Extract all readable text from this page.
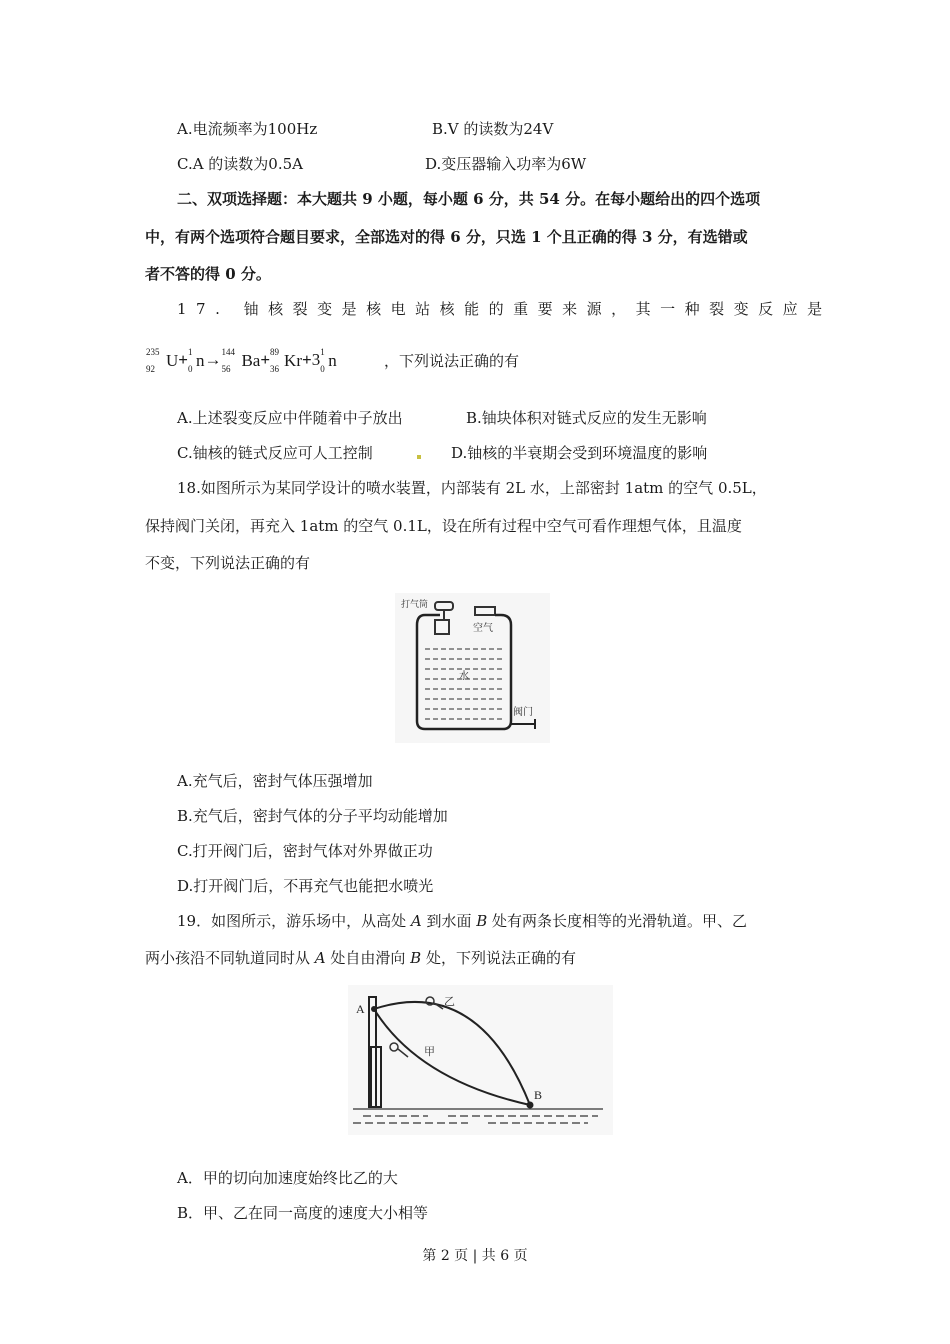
A.电流频率为100Hz	B.V 的读数为24V
C.A 的读数为0.5A	D.变压器输入功率为6W
二、双项选择题：本大题共 9 小题，每小题 6 分，共 54 分。在每小题给出的四个选项
中，有两个选项符合题目要求，全部选对的得 6 分，只选 1 个且正确的得 3 分，有选错或
者不答的得 0 分。
17. 铀核裂变是核电站核能的重要来源，其一种裂变反应是
235
92 U+ 1
0 n→ 144
56 Ba+ 89
36 Kr+3 1
0 n	，下列说法正确的有
A.上述裂变反应中伴随着中子放出	B.铀块体积对链式反应的发生无影响
C.铀核的链式反应可人工控制	D.铀核的半衰期会受到环境温度的影响
18.如图所示为某同学设计的喷水装置，内部装有 2L 水，上部密封 1atm 的空气 0.5L，
保持阀门关闭，再充入 1atm 的空气 0.1L，设在所有过程中空气可看作理想气体，且温度
不变，下列说法正确的有
打气筒
空气
水
阀门
A.充气后，密封气体压强增加
B.充气后，密封气体的分子平均动能增加
C.打开阀门后，密封气体对外界做正功
D.打开阀门后，不再充气也能把水喷光
19．如图所示，游乐场中，从高处 A 到水面 B 处有两条长度相等的光滑轨道。甲、乙
两小孩沿不同轨道同时从 A 处自由滑向 B 处，下列说法正确的有
A
B
乙
甲
A．甲的切向加速度始终比乙的大
B．甲、乙在同一高度的速度大小相等
第 2 页 | 共 6 页
